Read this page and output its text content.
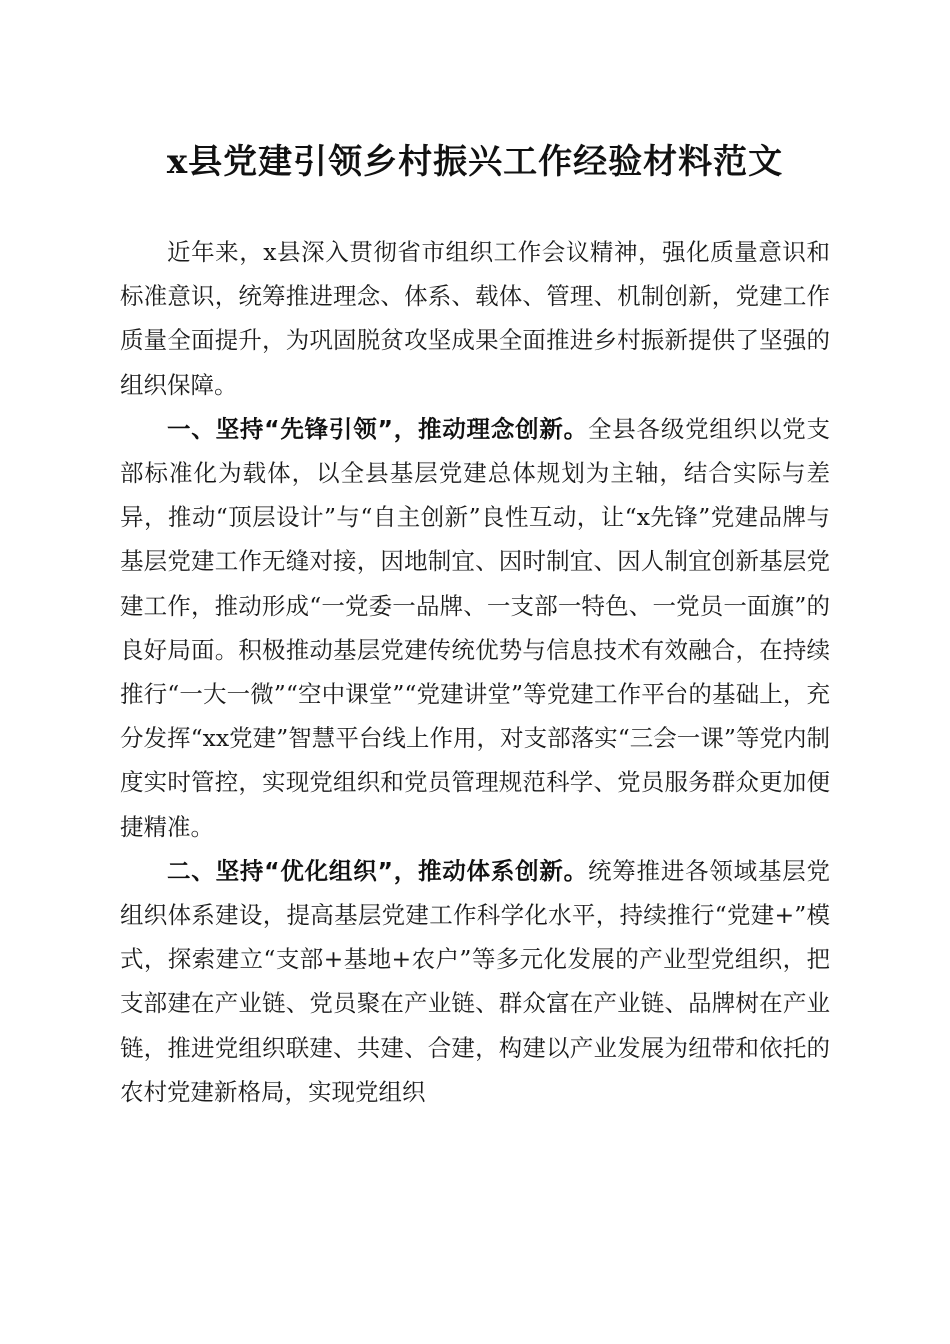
x县党建引领乡村振兴工作经验材料范文

近年来，x县深入贯彻省市组织工作会议精神，强化质量意识和标准意识，统筹推进理念、体系、载体、管理、机制创新，党建工作质量全面提升，为巩固脱贫攻坚成果全面推进乡村振新提供了坚强的组织保障。

一、坚持“先锋引领”，推动理念创新。全县各级党组织以党支部标准化为载体，以全县基层党建总体规划为主轴，结合实际与差异，推动“顶层设计”与“自主创新”良性互动，让“x先锋”党建品牌与基层党建工作无缝对接，因地制宜、因时制宜、因人制宜创新基层党建工作，推动形成“一党委一品牌、一支部一特色、一党员一面旗”的良好局面。积极推动基层党建传统优势与信息技术有效融合，在持续推行“一大一微”“空中课堂”“党建讲堂”等党建工作平台的基础上，充分发挥“xx党建”智慧平台线上作用，对支部落实“三会一课”等党内制度实时管控，实现党组织和党员管理规范科学、党员服务群众更加便捷精准。

二、坚持“优化组织”，推动体系创新。统筹推进各领域基层党组织体系建设，提高基层党建工作科学化水平，持续推行“党建+”模式，探索建立“支部+基地+农户”等多元化发展的产业型党组织，把支部建在产业链、党员聚在产业链、群众富在产业链、品牌树在产业链，推进党组织联建、共建、合建，构建以产业发展为纽带和依托的农村党建新格局，实现党组织
